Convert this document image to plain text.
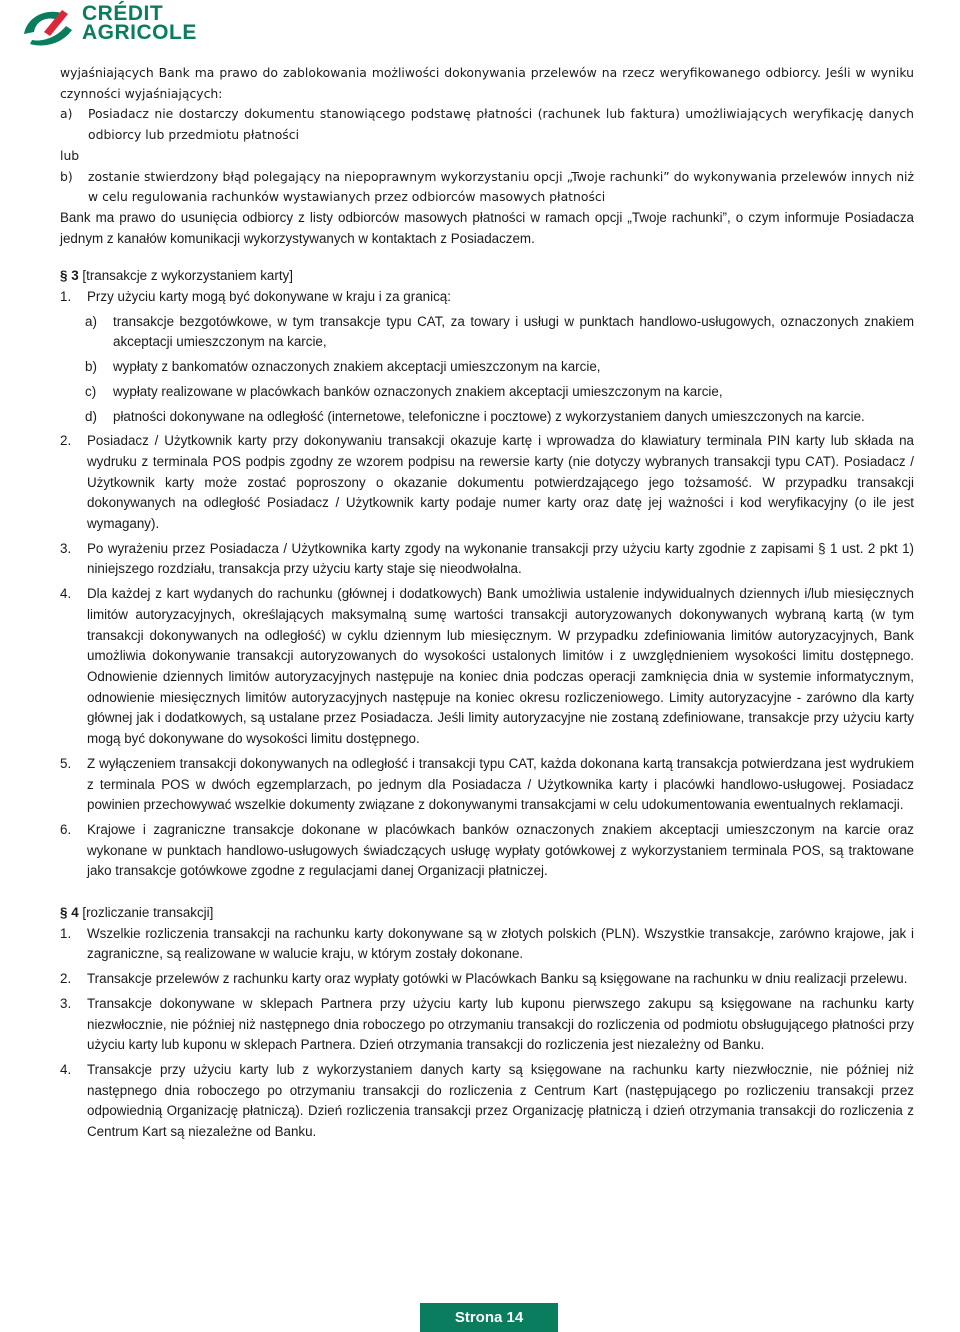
CRÉDIT
AGRICOLE

wyjaśniających Bank ma prawo do zablokowania możliwości dokonywania przelewów na rzecz weryfikowanego odbiorcy. Jeśli w wyniku czynności wyjaśniających:

a)	Posiadacz nie dostarczy dokumentu stanowiącego podstawę płatności (rachunek lub faktura) umożliwiających weryfikację danych odbiorcy lub przedmiotu płatności

lub

b)	zostanie stwierdzony błąd polegający na niepoprawnym wykorzystaniu opcji „Twoje rachunki” do wykonywania przelewów innych niż w celu regulowania rachunków wystawianych przez odbiorców masowych płatności

Bank ma prawo do usunięcia odbiorcy z listy odbiorców masowych płatności w ramach opcji „Twoje rachunki”, o czym informuje Posiadacza jednym z kanałów komunikacji wykorzystywanych w kontaktach z Posiadaczem.

§ 3 [transakcje z wykorzystaniem karty]

1.	Przy użyciu karty mogą być dokonywane w kraju i za granicą:
a)	transakcje bezgotówkowe, w tym transakcje typu CAT, za towary i usługi w punktach handlowo-usługowych, oznaczonych znakiem akceptacji umieszczonym na karcie,
b)	wypłaty z bankomatów oznaczonych znakiem akceptacji umieszczonym na karcie,
c)	wypłaty realizowane w placówkach banków oznaczonych znakiem akceptacji umieszczonym na karcie,
d)	płatności dokonywane na odległość (internetowe, telefoniczne i pocztowe) z wykorzystaniem danych umieszczonych na karcie.
2.	Posiadacz / Użytkownik karty przy dokonywaniu transakcji okazuje kartę i wprowadza do klawiatury terminala PIN karty lub składa na wydruku z terminala POS podpis zgodny ze wzorem podpisu na rewersie karty (nie dotyczy wybranych transakcji typu CAT). Posiadacz / Użytkownik karty może zostać poproszony o okazanie dokumentu potwierdzającego jego tożsamość. W przypadku transakcji dokonywanych na odległość Posiadacz / Użytkownik karty podaje numer karty oraz datę jej ważności i kod weryfikacyjny (o ile jest wymagany).
3.	Po wyrażeniu przez Posiadacza / Użytkownika karty zgody na wykonanie transakcji przy użyciu karty zgodnie z zapisami § 1 ust. 2 pkt 1) niniejszego rozdziału, transakcja przy użyciu karty staje się nieodwołalna.
4.	Dla każdej z kart wydanych do rachunku (głównej i dodatkowych) Bank umożliwia ustalenie indywidualnych dziennych i/lub miesięcznych limitów autoryzacyjnych, określających maksymalną sumę wartości transakcji autoryzowanych dokonywanych wybraną kartą (w tym transakcji dokonywanych na odległość) w cyklu dziennym lub miesięcznym. W przypadku zdefiniowania limitów autoryzacyjnych, Bank umożliwia dokonywanie transakcji autoryzowanych do wysokości ustalonych limitów i z uwzględnieniem wysokości limitu dostępnego. Odnowienie dziennych limitów autoryzacyjnych następuje na koniec dnia podczas operacji zamknięcia dnia w systemie informatycznym, odnowienie miesięcznych limitów autoryzacyjnych następuje na koniec okresu rozliczeniowego. Limity autoryzacyjne - zarówno dla karty głównej jak i dodatkowych, są ustalane przez Posiadacza. Jeśli limity autoryzacyjne nie zostaną zdefiniowane, transakcje przy użyciu karty mogą być dokonywane do wysokości limitu dostępnego.
5.	Z wyłączeniem transakcji dokonywanych na odległość i transakcji typu CAT, każda dokonana kartą transakcja potwierdzana jest wydrukiem z terminala POS w dwóch egzemplarzach, po jednym dla Posiadacza / Użytkownika karty i placówki handlowo-usługowej. Posiadacz powinien przechowywać wszelkie dokumenty związane z dokonywanymi transakcjami w celu udokumentowania ewentualnych reklamacji.
6.	Krajowe i zagraniczne transakcje dokonane w placówkach banków oznaczonych znakiem akceptacji umieszczonym na karcie oraz wykonane w punktach handlowo-usługowych świadczących usługę wypłaty gotówkowej z wykorzystaniem terminala POS, są traktowane jako transakcje gotówkowe zgodne z regulacjami danej Organizacji płatniczej.

§ 4 [rozliczanie transakcji]

1.	Wszelkie rozliczenia transakcji na rachunku karty dokonywane są w złotych polskich (PLN). Wszystkie transakcje, zarówno krajowe, jak i zagraniczne, są realizowane w walucie kraju, w którym zostały dokonane.
2.	Transakcje przelewów z rachunku karty oraz wypłaty gotówki w Placówkach Banku są księgowane na rachunku w dniu realizacji przelewu.
3.	Transakcje dokonywane w sklepach Partnera przy użyciu karty lub kuponu pierwszego zakupu są księgowane na rachunku karty niezwłocznie, nie później niż następnego dnia roboczego po otrzymaniu transakcji do rozliczenia od podmiotu obsługującego płatności przy użyciu karty lub kuponu w sklepach Partnera. Dzień otrzymania transakcji do rozliczenia jest niezależny od Banku.
4.	Transakcje przy użyciu karty lub z wykorzystaniem danych karty są księgowane na rachunku karty niezwłocznie, nie później niż następnego dnia roboczego po otrzymaniu transakcji do rozliczenia z Centrum Kart (następującego po rozliczeniu transakcji przez odpowiednią Organizację płatniczą). Dzień rozliczenia transakcji przez Organizację płatniczą i dzień otrzymania transakcji do rozliczenia z Centrum Kart są niezależne od Banku.
Strona 14
